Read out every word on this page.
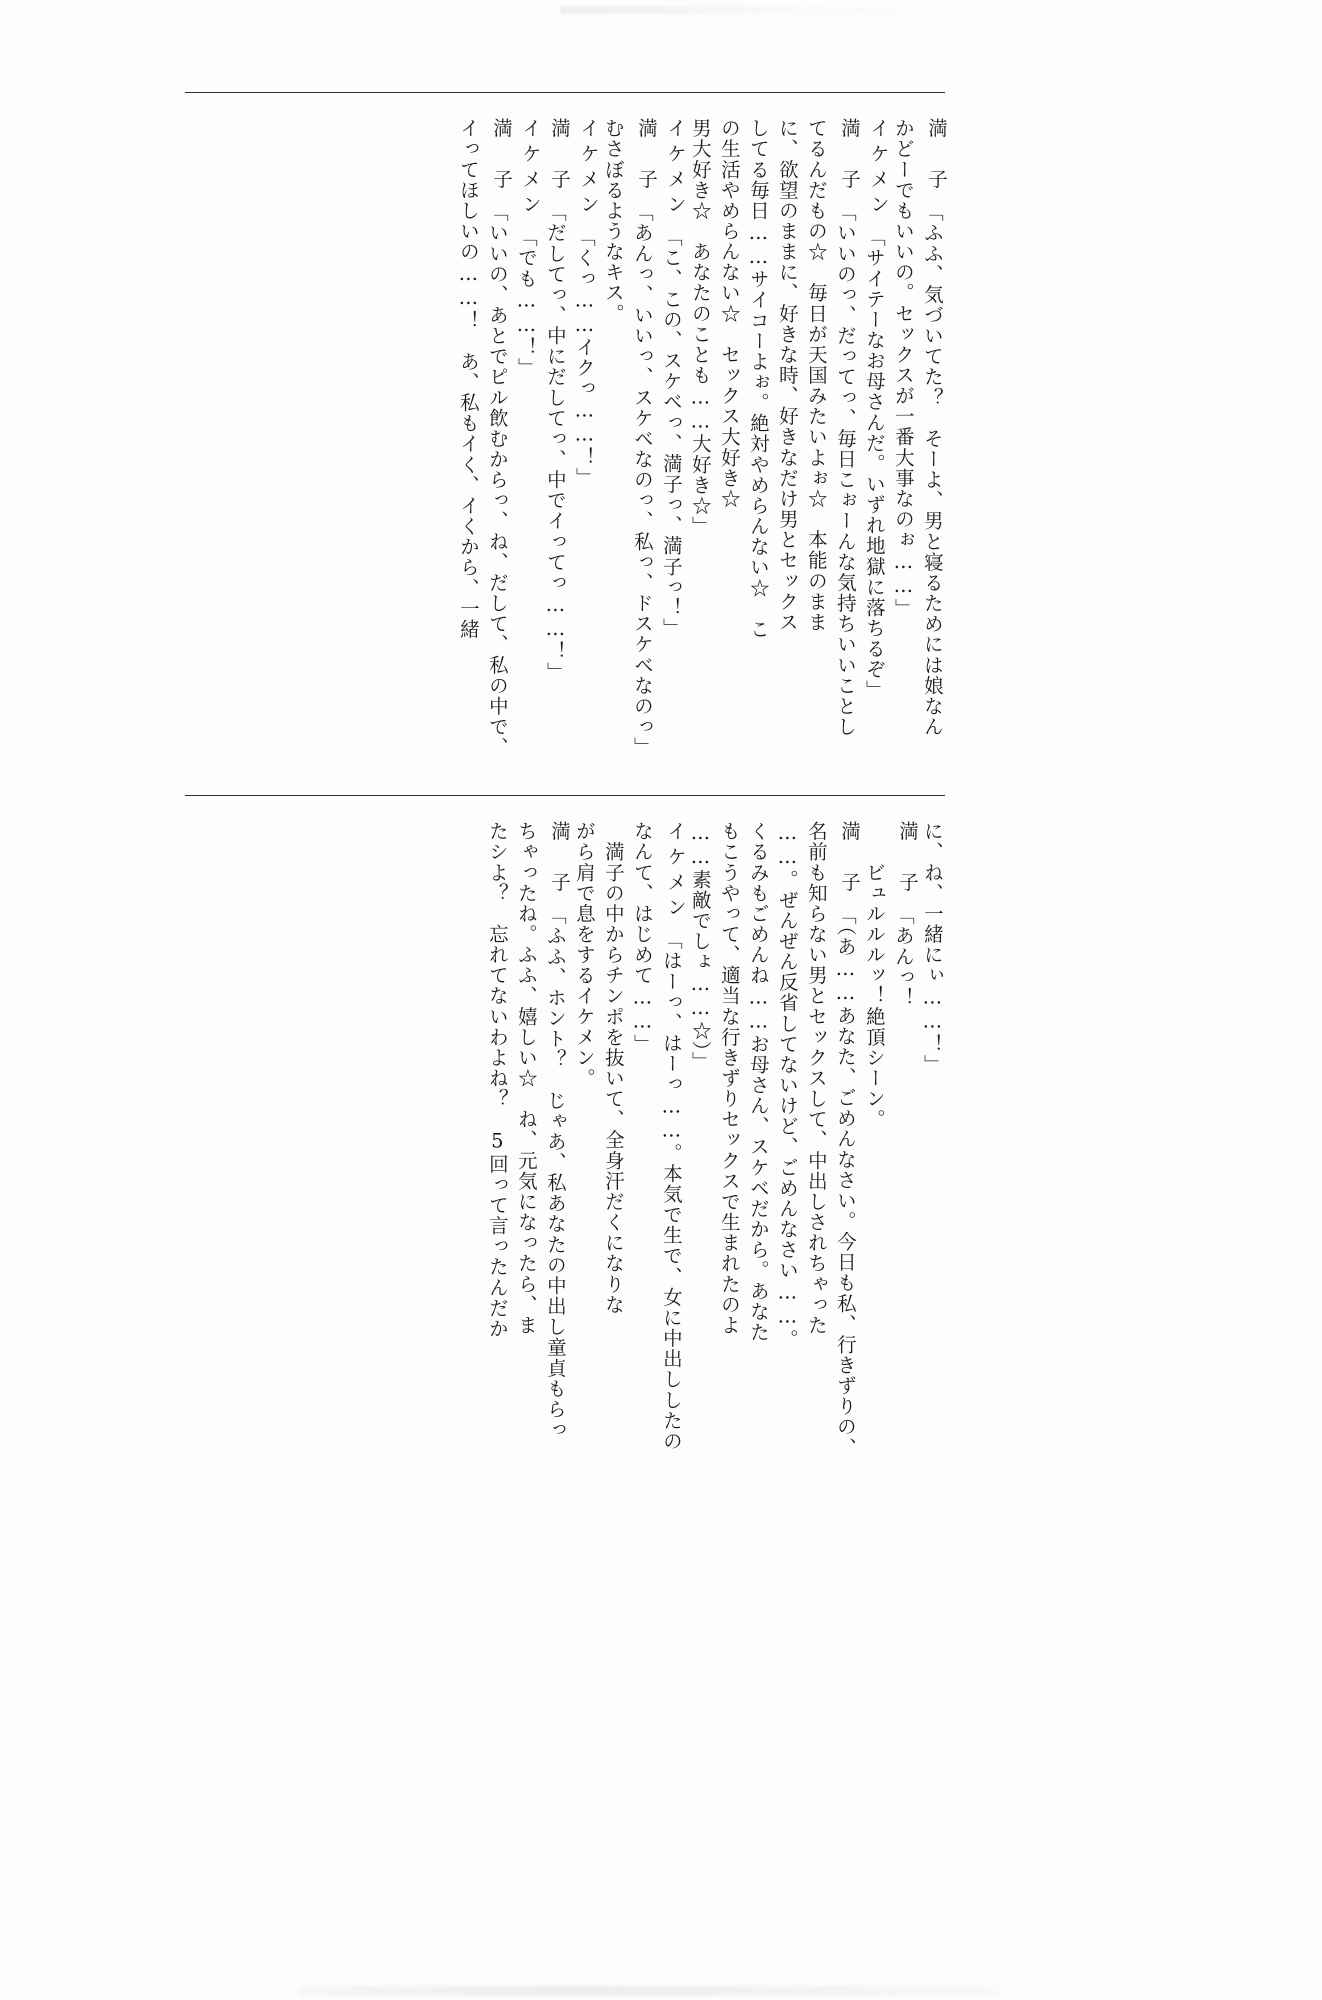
満　子
「ふふ、気づいてた？　そーよ、男と寝るためには娘なん
かどーでもいいの。セックスが一番大事なのぉ……」
イケメン
「サイテーなお母さんだ。いずれ地獄に落ちるぞ」
満　子
「いいのっ、だってっ、毎日こぉーんな気持ちいいことし
てるんだもの☆　毎日が天国みたいよぉ☆　本能のまま
に、欲望のままに、好きな時、好きなだけ男とセックス
してる毎日……サイコーよぉ。絶対やめらんない☆　こ
の生活やめらんない☆　セックス大好き☆
男大好き☆　あなたのことも……大好き☆」
イケメン
「こ、この、スケベっ、満子っ、満子っ！」
満　子
「あんっ、いいっ、スケベなのっ、私っ、ドスケベなのっ」
むさぼるようなキス。
イケメン
「くっ……イクっ……！」
満　子
「だしてっ、中にだしてっ、中でイってっ……！」
イケメン
「でも……！」
満　子
「いいの、あとでピル飲むからっ、ね、だして、私の中で、
イってほしいの……！　あ、私もイく、イくから、一緒
に、ね、一緒にぃ……！」
満　子
「あんっ！
　　ビュルルルッ！絶頂シーン。
満　子
「（あ……あなた、ごめんなさい。今日も私、行きずりの、
名前も知らない男とセックスして、中出しされちゃった
……。ぜんぜん反省してないけど、ごめんなさい……。
くるみもごめんね……お母さん、スケベだから。あなた
もこうやって、適当な行きずりセックスで生まれたのよ
……素敵でしょ……☆）」
イケメン
「はーっ、はーっ……。本気で生で、女に中出ししたの
なんて、はじめて……」
　満子の中からチンポを抜いて、全身汗だくになりな
がら肩で息をするイケメン。
満　子
「ふふ、ホント？　じゃあ、私あなたの中出し童貞もらっ
ちゃったね。ふふ、嬉しい☆　ね、元気になったら、ま
たシよ？　忘れてないわよね？　5回って言ったんだか
